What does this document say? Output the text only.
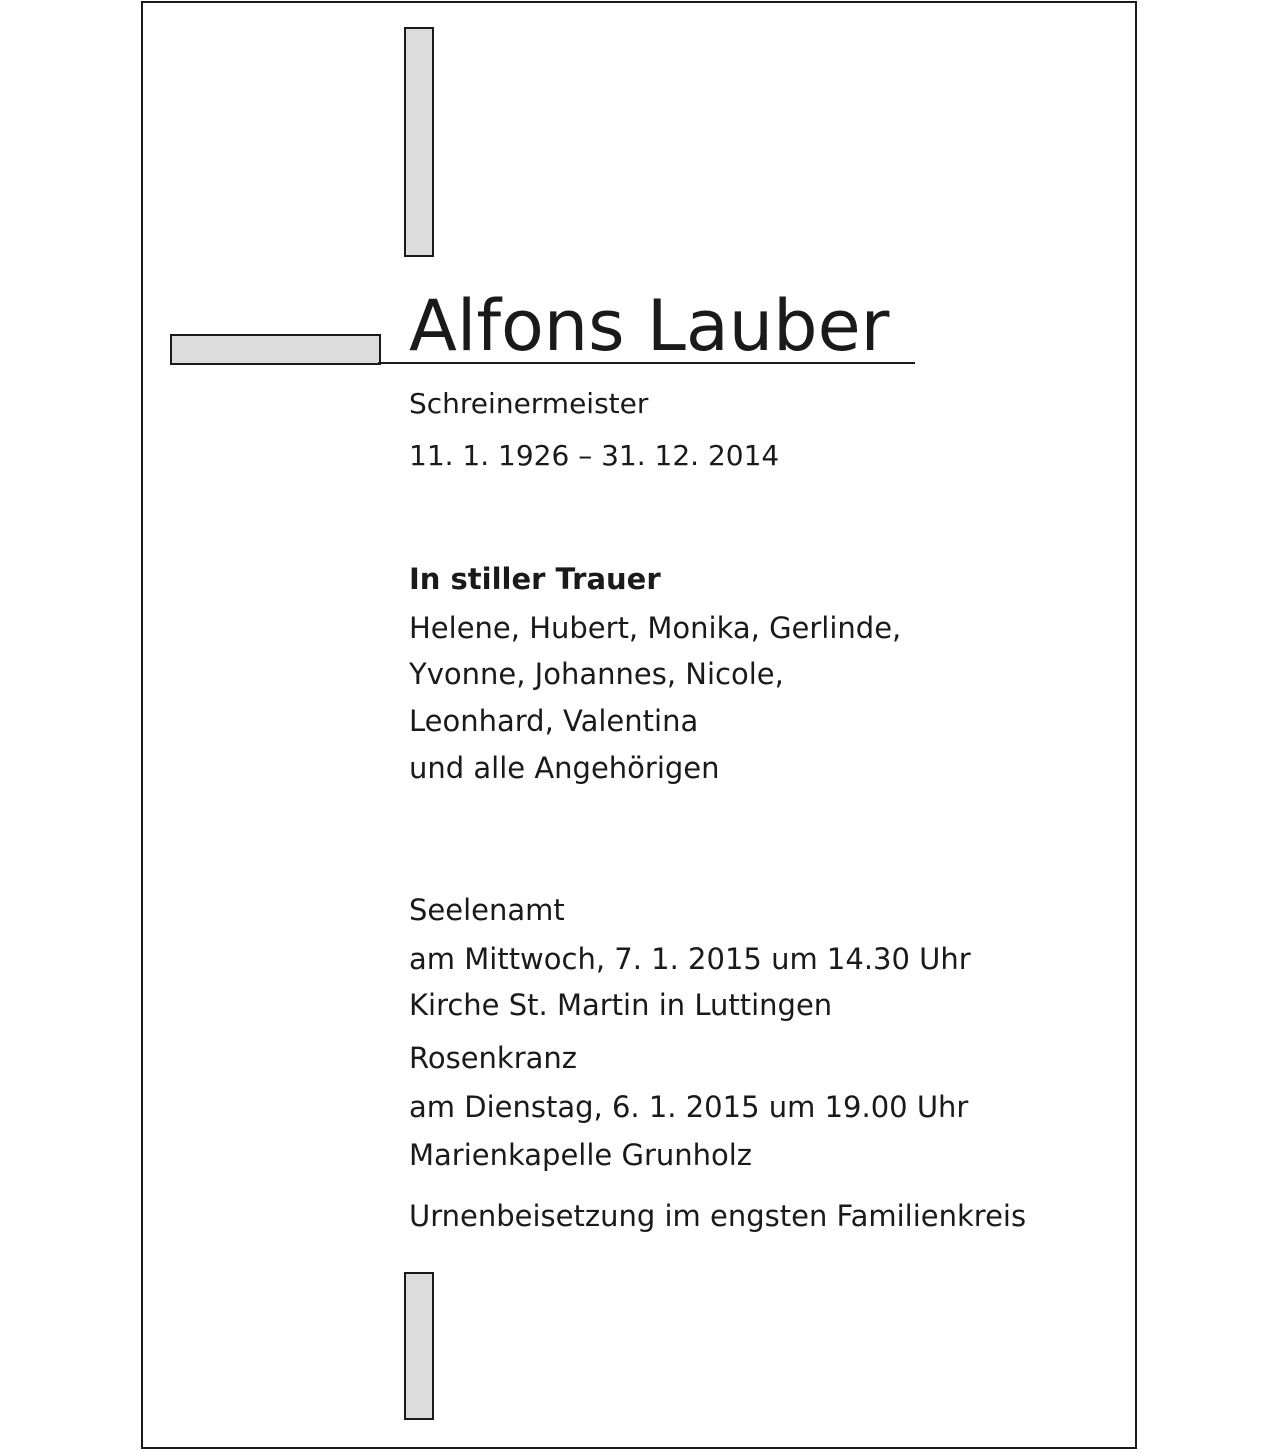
Alfons Lauber

Schreinermeister

11. 1. 1926 – 31. 12. 2014

In stiller Trauer

Helene, Hubert, Monika, Gerlinde,

Yvonne, Johannes, Nicole,

Leonhard, Valentina

und alle Angehörigen

Seelenamt

am Mittwoch, 7. 1. 2015 um 14.30 Uhr

Kirche St. Martin in Luttingen

Rosenkranz

am Dienstag, 6. 1. 2015 um 19.00 Uhr

Marienkapelle Grunholz

Urnenbeisetzung im engsten Familienkreis
